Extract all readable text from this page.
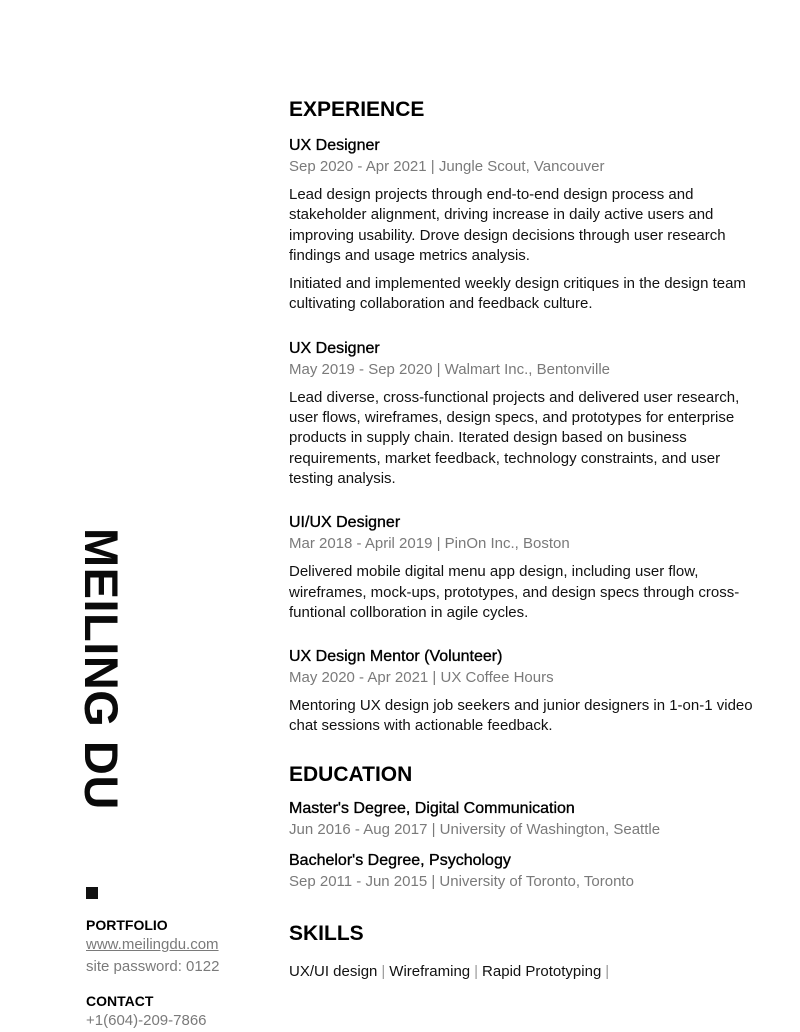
MEILING DU

PORTFOLIO

www.meilingdu.com

site password: 0122

CONTACT

+1(604)-209-7866

EXPERIENCE

UX Designer

Sep 2020 - Apr 2021 | Jungle Scout, Vancouver

Lead design projects through end-to-end design process and stakeholder alignment, driving increase in daily active users and improving usability. Drove design decisions through user research findings and usage metrics analysis.

Initiated and implemented weekly design critiques in the design team cultivating collaboration and feedback culture.

UX Designer

May 2019 - Sep 2020 | Walmart Inc., Bentonville

Lead diverse, cross-functional projects and delivered user research, user flows, wireframes, design specs, and prototypes for enterprise products in supply chain. Iterated design based on business requirements, market feedback, technology constraints, and user testing analysis.

UI/UX Designer

Mar 2018 - April 2019 | PinOn Inc., Boston

Delivered mobile digital menu app design, including user flow, wireframes, mock-ups, prototypes, and design specs through cross-funtional collboration in agile cycles.

UX Design Mentor (Volunteer)

May 2020 - Apr 2021 | UX Coffee Hours

Mentoring UX design job seekers and junior designers in 1-on-1 video chat sessions with actionable feedback.

EDUCATION

Master's Degree, Digital Communication

Jun 2016 - Aug 2017 | University of Washington, Seattle

Bachelor's Degree, Psychology

Sep 2011 - Jun 2015 | University of Toronto, Toronto

SKILLS

UX/UI design | Wireframing | Rapid Prototyping |
